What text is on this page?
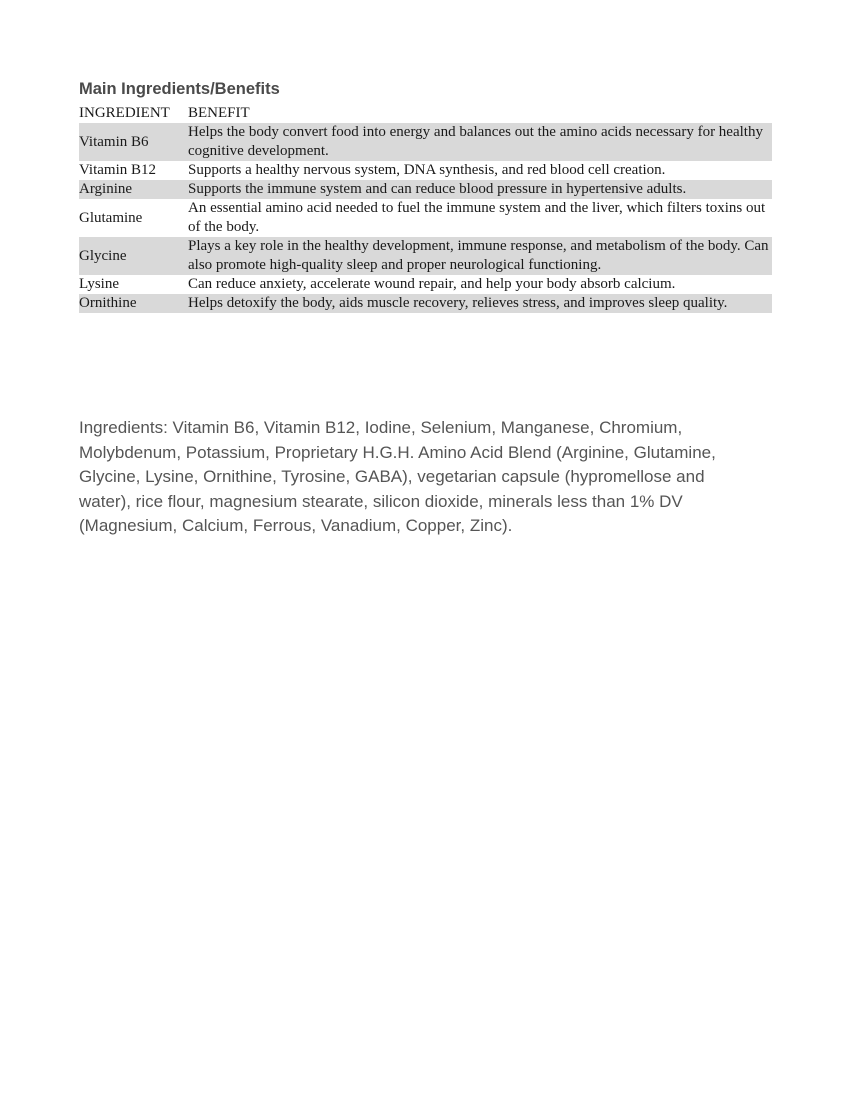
Main Ingredients/Benefits
INGREDIENT	BENEFIT
Vitamin B6	Helps the body convert food into energy and balances out the amino acids necessary for healthy cognitive development.
Vitamin B12	Supports a healthy nervous system, DNA synthesis, and red blood cell creation.
Arginine	Supports the immune system and can reduce blood pressure in hypertensive adults.
Glutamine	An essential amino acid needed to fuel the immune system and the liver, which filters toxins out of the body.
Glycine	Plays a key role in the healthy development, immune response, and metabolism of the body. Can also promote high-quality sleep and proper neurological functioning.
Lysine	Can reduce anxiety, accelerate wound repair, and help your body absorb calcium.
Ornithine	Helps detoxify the body, aids muscle recovery, relieves stress, and improves sleep quality.

Ingredients: Vitamin B6, Vitamin B12, Iodine, Selenium, Manganese, Chromium, Molybdenum, Potassium, Proprietary H.G.H. Amino Acid Blend (Arginine, Glutamine, Glycine, Lysine, Ornithine, Tyrosine, GABA), vegetarian capsule (hypromellose and water), rice flour, magnesium stearate, silicon dioxide, minerals less than 1% DV (Magnesium, Calcium, Ferrous, Vanadium, Copper, Zinc).
